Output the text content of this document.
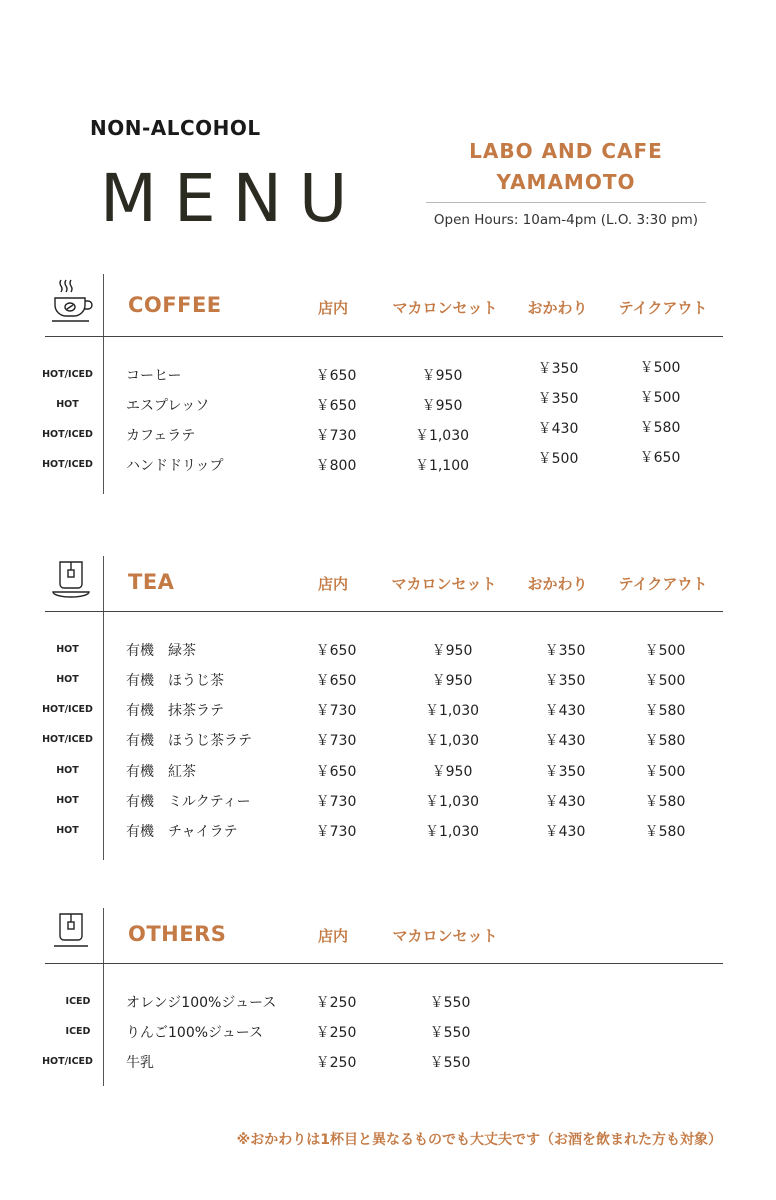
NON-ALCOHOL
MENU
LABO AND CAFE
YAMAMOTO
Open Hours: 10am-4pm (L.O. 3:30 pm)
COFFEE	店内	マカロンセット	おかわり	テイクアウト
HOT/ICED コーヒー	￥650	￥950	￥350	￥500
HOT	エスプレッソ	￥650	￥950	￥350	￥500
HOT/ICED カフェラテ	￥730	￥1,030	￥430	￥580
HOT/ICED ハンドドリップ	￥800	￥1,100	￥500	￥650
TEA	店内	マカロンセット	おかわり	テイクアウト
HOT	有機　緑茶	￥650	￥950	￥350	￥500
HOT	有機　ほうじ茶	￥650	￥950	￥350	￥500
HOT/ICED 有機　抹茶ラテ	￥730	￥1,030	￥430	￥580
HOT/ICED 有機　ほうじ茶ラテ	￥730	￥1,030	￥430	￥580
HOT	有機　紅茶	￥650	￥950	￥350	￥500
HOT	有機　ミルクティー	￥730	￥1,030	￥430	￥580
HOT	有機　チャイラテ	￥730	￥1,030	￥430	￥580
OTHERS	店内	マカロンセット
ICED	オレンジ100%ジュース	￥250	￥550
ICED	りんご100%ジュース	￥250	￥550
HOT/ICED 牛乳	￥250	￥550
※おかわりは1杯目と異なるものでも大丈夫です（お酒を飲まれた方も対象）
